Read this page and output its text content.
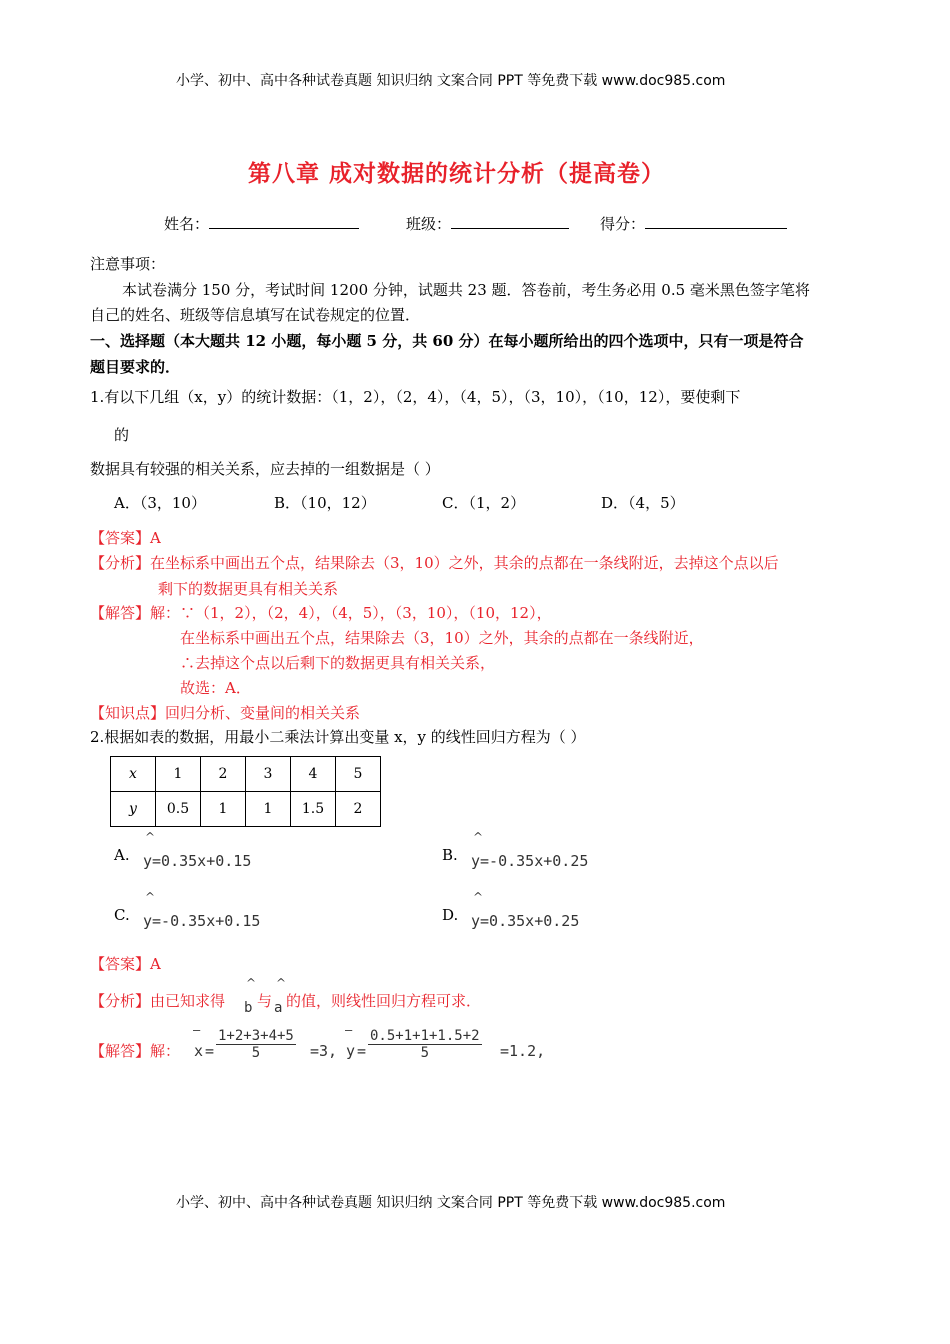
小学、初中、高中各种试卷真题 知识归纳 文案合同 PPT 等免费下载 www.doc985.com
第八章 成对数据的统计分析（提高卷）
姓名：	班级：	得分：
注意事项：
本试卷满分 150 分，考试时间 1200 分钟，试题共 23 题．答卷前，考生务必用 0.5 毫米黑色签字笔将
自己的姓名、班级等信息填写在试卷规定的位置．
一、选择题（本大题共 12 小题，每小题 5 分，共 60 分）在每小题所给出的四个选项中，只有一项是符合
题目要求的．
1.有以下几组（x，y）的统计数据：（1，2），（2，4），（4，5），（3，10），（10，12），要使剩下
的
数据具有较强的相关关系，应去掉的一组数据是（ ）
A．（3，10）	B．（10，12）	C．（1，2）	D．（4，5）
【答案】A
【分析】在坐标系中画出五个点，结果除去（3，10）之外，其余的点都在一条线附近，去掉这个点以后
剩下的数据更具有相关关系
【解答】解：∵（1，2），（2，4），（4，5），（3，10），（10，12），
在坐标系中画出五个点，结果除去（3，10）之外，其余的点都在一条线附近，
∴去掉这个点以后剩下的数据更具有相关关系，
故选：A．
【知识点】回归分析、变量间的相关关系
2.根据如表的数据，用最小二乘法计算出变量 x，y 的线性回归方程为（ ）
x	1	2	3	4	5
y	0.5	1	1	1.5	2
A.
^
y=0.35x+0.15	B.
^
y=-0.35x+0.25
C.
^
y=-0.35x+0.15	D.
^
y=0.35x+0.25
【答案】A
【分析】由已知求得
^
b 与
^
a 的值，则线性回归方程可求．
【解答】解：
—
$x = \frac{1+2+3+4+5}{5} =3$,
—
$y = \frac{0.5+1+1+1.5+2}{5} =1.2$,
小学、初中、高中各种试卷真题 知识归纳 文案合同 PPT 等免费下载 www.doc985.com
